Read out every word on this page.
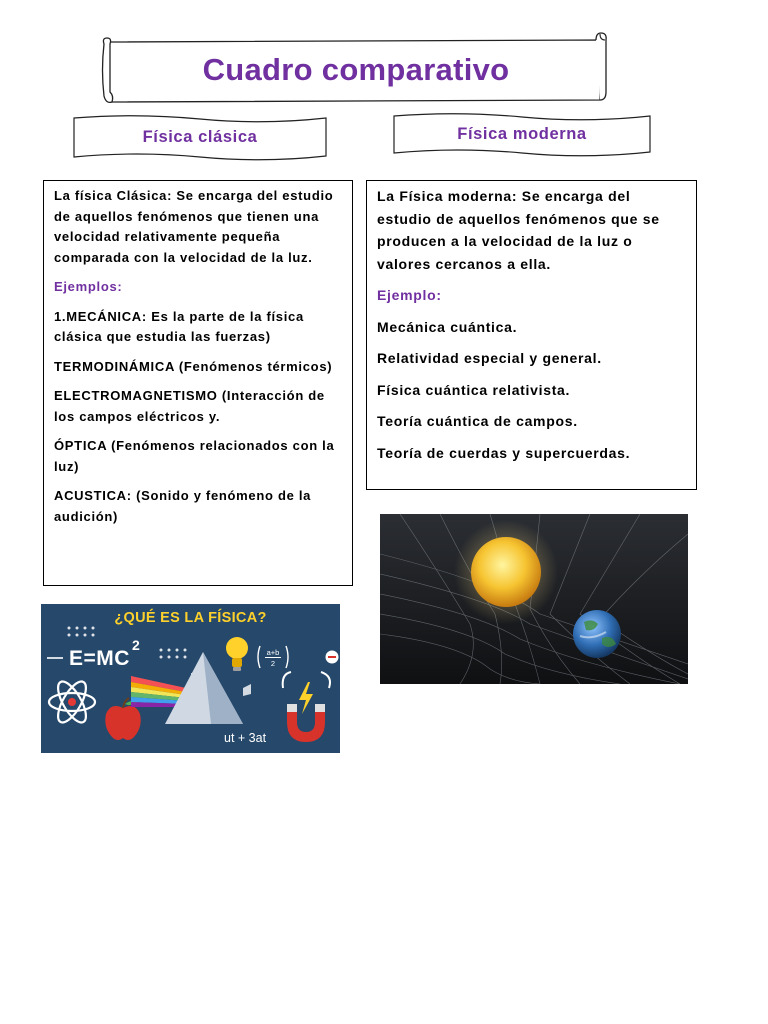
Cuadro comparativo
Física clásica	Física moderna

La física Clásica: Se encarga del estudio de aquellos fenómenos que tienen una velocidad relativamente pequeña comparada con la velocidad de la luz.

Ejemplos:

1.MECÁNICA: Es la parte de la física clásica que estudia las fuerzas)

TERMODINÁMICA (Fenómenos térmicos)

ELECTROMAGNETISMO (Interacción de los campos eléctricos y.

ÓPTICA (Fenómenos relacionados con la luz)

ACUSTICA: (Sonido y fenómeno de la audición)

La Física moderna: Se encarga del estudio de aquellos fenómenos que se producen a la velocidad de la luz o valores cercanos a ella.

Ejemplo:

Mecánica cuántica.

Relatividad especial y general.

Física cuántica relativista.

Teoría cuántica de campos.

Teoría de cuerdas y supercuerdas.

¿QUÉ ES LA FÍSICA?
E=MC
2	a+b
2
ut + 3at
